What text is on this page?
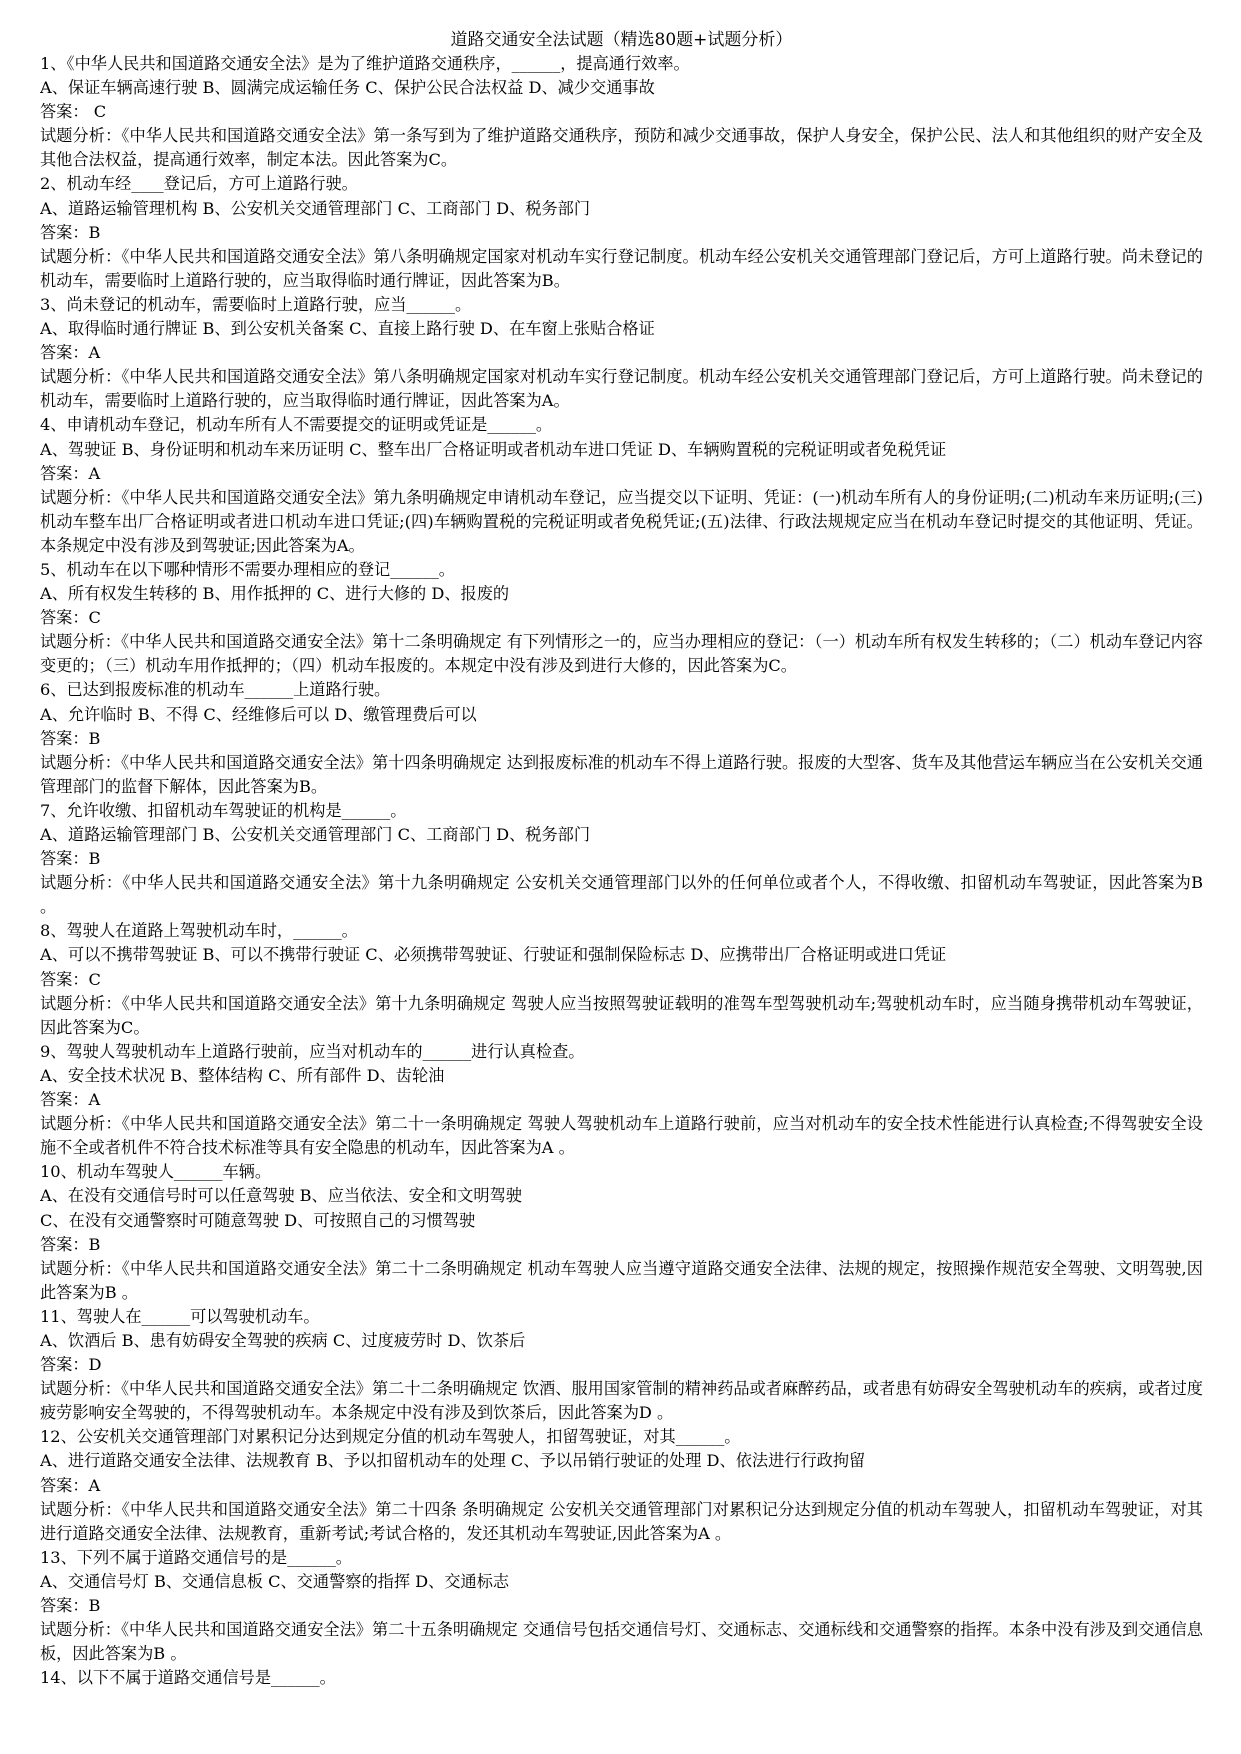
道路交通安全法试题（精选80题+试题分析）
1、《中华人民共和国道路交通安全法》是为了维护道路交通秩序，______，提高通行效率。
A、保证车辆高速行驶 B、圆满完成运输任务 C、保护公民合法权益 D、减少交通事故
答案： C
试题分析：《中华人民共和国道路交通安全法》第一条写到为了维护道路交通秩序，预防和减少交通事故，保护人身安全，保护公民、法人和其他组织的财产安全及其他合法权益，提高通行效率，制定本法。因此答案为C。
2、机动车经____登记后，方可上道路行驶。
A、道路运输管理机构 B、公安机关交通管理部门 C、工商部门 D、税务部门
答案：B
试题分析：《中华人民共和国道路交通安全法》第八条明确规定国家对机动车实行登记制度。机动车经公安机关交通管理部门登记后，方可上道路行驶。尚未登记的机动车，需要临时上道路行驶的，应当取得临时通行牌证，因此答案为B。
3、尚未登记的机动车，需要临时上道路行驶，应当______。
A、取得临时通行牌证 B、到公安机关备案 C、直接上路行驶 D、在车窗上张贴合格证
答案：A
试题分析：《中华人民共和国道路交通安全法》第八条明确规定国家对机动车实行登记制度。机动车经公安机关交通管理部门登记后，方可上道路行驶。尚未登记的机动车，需要临时上道路行驶的，应当取得临时通行牌证，因此答案为A。
4、申请机动车登记，机动车所有人不需要提交的证明或凭证是______。
A、驾驶证 B、身份证明和机动车来历证明 C、整车出厂合格证明或者机动车进口凭证 D、车辆购置税的完税证明或者免税凭证
答案：A
试题分析：《中华人民共和国道路交通安全法》第九条明确规定申请机动车登记，应当提交以下证明、凭证：(一)机动车所有人的身份证明;(二)机动车来历证明;(三)机动车整车出厂合格证明或者进口机动车进口凭证;(四)车辆购置税的完税证明或者免税凭证;(五)法律、行政法规规定应当在机动车登记时提交的其他证明、凭证。本条规定中没有涉及到驾驶证;因此答案为A。
5、机动车在以下哪种情形不需要办理相应的登记______。
A、所有权发生转移的 B、用作抵押的 C、进行大修的 D、报废的
答案：C
试题分析：《中华人民共和国道路交通安全法》第十二条明确规定 有下列情形之一的，应当办理相应的登记：（一）机动车所有权发生转移的；（二）机动车登记内容变更的；（三）机动车用作抵押的；（四）机动车报废的。本规定中没有涉及到进行大修的，因此答案为C。
6、已达到报废标准的机动车______上道路行驶。
A、允许临时 B、不得 C、经维修后可以 D、缴管理费后可以
答案：B
试题分析：《中华人民共和国道路交通安全法》第十四条明确规定 达到报废标准的机动车不得上道路行驶。报废的大型客、货车及其他营运车辆应当在公安机关交通管理部门的监督下解体，因此答案为B。
7、允许收缴、扣留机动车驾驶证的机构是______。
A、道路运输管理部门 B、公安机关交通管理部门 C、工商部门 D、税务部门
答案：B
试题分析：《中华人民共和国道路交通安全法》第十九条明确规定 公安机关交通管理部门以外的任何单位或者个人，不得收缴、扣留机动车驾驶证，因此答案为B 。
8、驾驶人在道路上驾驶机动车时，______。
A、可以不携带驾驶证 B、可以不携带行驶证 C、必须携带驾驶证、行驶证和强制保险标志 D、应携带出厂合格证明或进口凭证
答案：C
试题分析：《中华人民共和国道路交通安全法》第十九条明确规定 驾驶人应当按照驾驶证载明的准驾车型驾驶机动车;驾驶机动车时，应当随身携带机动车驾驶证，因此答案为C。
9、驾驶人驾驶机动车上道路行驶前，应当对机动车的______进行认真检查。
A、安全技术状况 B、整体结构 C、所有部件 D、齿轮油
答案：A
试题分析：《中华人民共和国道路交通安全法》第二十一条明确规定 驾驶人驾驶机动车上道路行驶前，应当对机动车的安全技术性能进行认真检查;不得驾驶安全设施不全或者机件不符合技术标准等具有安全隐患的机动车，因此答案为A 。
10、机动车驾驶人______车辆。
A、在没有交通信号时可以任意驾驶 B、应当依法、安全和文明驾驶
C、在没有交通警察时可随意驾驶 D、可按照自己的习惯驾驶
答案：B
试题分析：《中华人民共和国道路交通安全法》第二十二条明确规定 机动车驾驶人应当遵守道路交通安全法律、法规的规定，按照操作规范安全驾驶、文明驾驶,因此答案为B 。
11、驾驶人在______可以驾驶机动车。
A、饮酒后 B、患有妨碍安全驾驶的疾病 C、过度疲劳时 D、饮茶后
答案：D
试题分析：《中华人民共和国道路交通安全法》第二十二条明确规定 饮酒、服用国家管制的精神药品或者麻醉药品，或者患有妨碍安全驾驶机动车的疾病，或者过度疲劳影响安全驾驶的，不得驾驶机动车。本条规定中没有涉及到饮茶后，因此答案为D 。
12、公安机关交通管理部门对累积记分达到规定分值的机动车驾驶人，扣留驾驶证，对其______。
A、进行道路交通安全法律、法规教育 B、予以扣留机动车的处理 C、予以吊销行驶证的处理 D、依法进行行政拘留
答案：A
试题分析：《中华人民共和国道路交通安全法》第二十四条 条明确规定 公安机关交通管理部门对累积记分达到规定分值的机动车驾驶人，扣留机动车驾驶证，对其进行道路交通安全法律、法规教育，重新考试;考试合格的，发还其机动车驾驶证,因此答案为A 。
13、下列不属于道路交通信号的是______。
A、交通信号灯 B、交通信息板 C、交通警察的指挥 D、交通标志
答案：B
试题分析：《中华人民共和国道路交通安全法》第二十五条明确规定 交通信号包括交通信号灯、交通标志、交通标线和交通警察的指挥。本条中没有涉及到交通信息板，因此答案为B 。
14、以下不属于道路交通信号是______。
